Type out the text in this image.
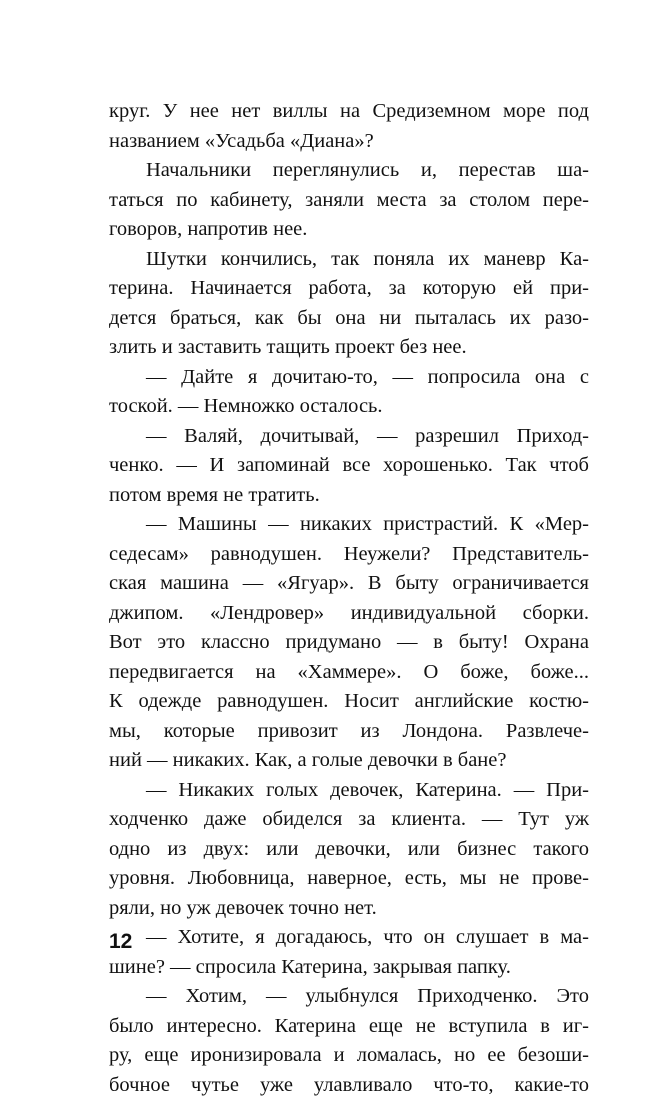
круг. У нее нет виллы на Средиземном море под
названием «Усадьба «Диана»?
Начальники переглянулись и, перестав ша-
таться по кабинету, заняли места за столом пере-
говоров, напротив нее.
Шутки кончились, так поняла их маневр Ка-
терина. Начинается работа, за которую ей при-
дется браться, как бы она ни пыталась их разо-
злить и заставить тащить проект без нее.
— Дайте я дочитаю-то, — попросила она с
тоской. — Немножко осталось.
— Валяй, дочитывай, — разрешил Приход-
ченко. — И запоминай все хорошенько. Так чтоб
потом время не тратить.
— Машины — никаких пристрастий. К «Мер-
седесам» равнодушен. Неужели? Представитель-
ская машина — «Ягуар». В быту ограничивается
джипом. «Лендровер» индивидуальной сборки.
Вот это классно придумано — в быту! Охрана
передвигается на «Хаммере». О боже, боже...
К одежде равнодушен. Носит английские костю-
мы, которые привозит из Лондона. Развлече-
ний — никаких. Как, а голые девочки в бане?
— Никаких голых девочек, Катерина. — При-
ходченко даже обиделся за клиента. — Тут уж
одно из двух: или девочки, или бизнес такого
уровня. Любовница, наверное, есть, мы не прове-
ряли, но уж девочек точно нет.
— Хотите, я догадаюсь, что он слушает в ма-
шине? — спросила Катерина, закрывая папку.
— Хотим, — улыбнулся Приходченко. Это
было интересно. Катерина еще не вступила в иг-
ру, еще иронизировала и ломалась, но ее безоши-
бочное чутье уже улавливало что-то, какие-то
12
